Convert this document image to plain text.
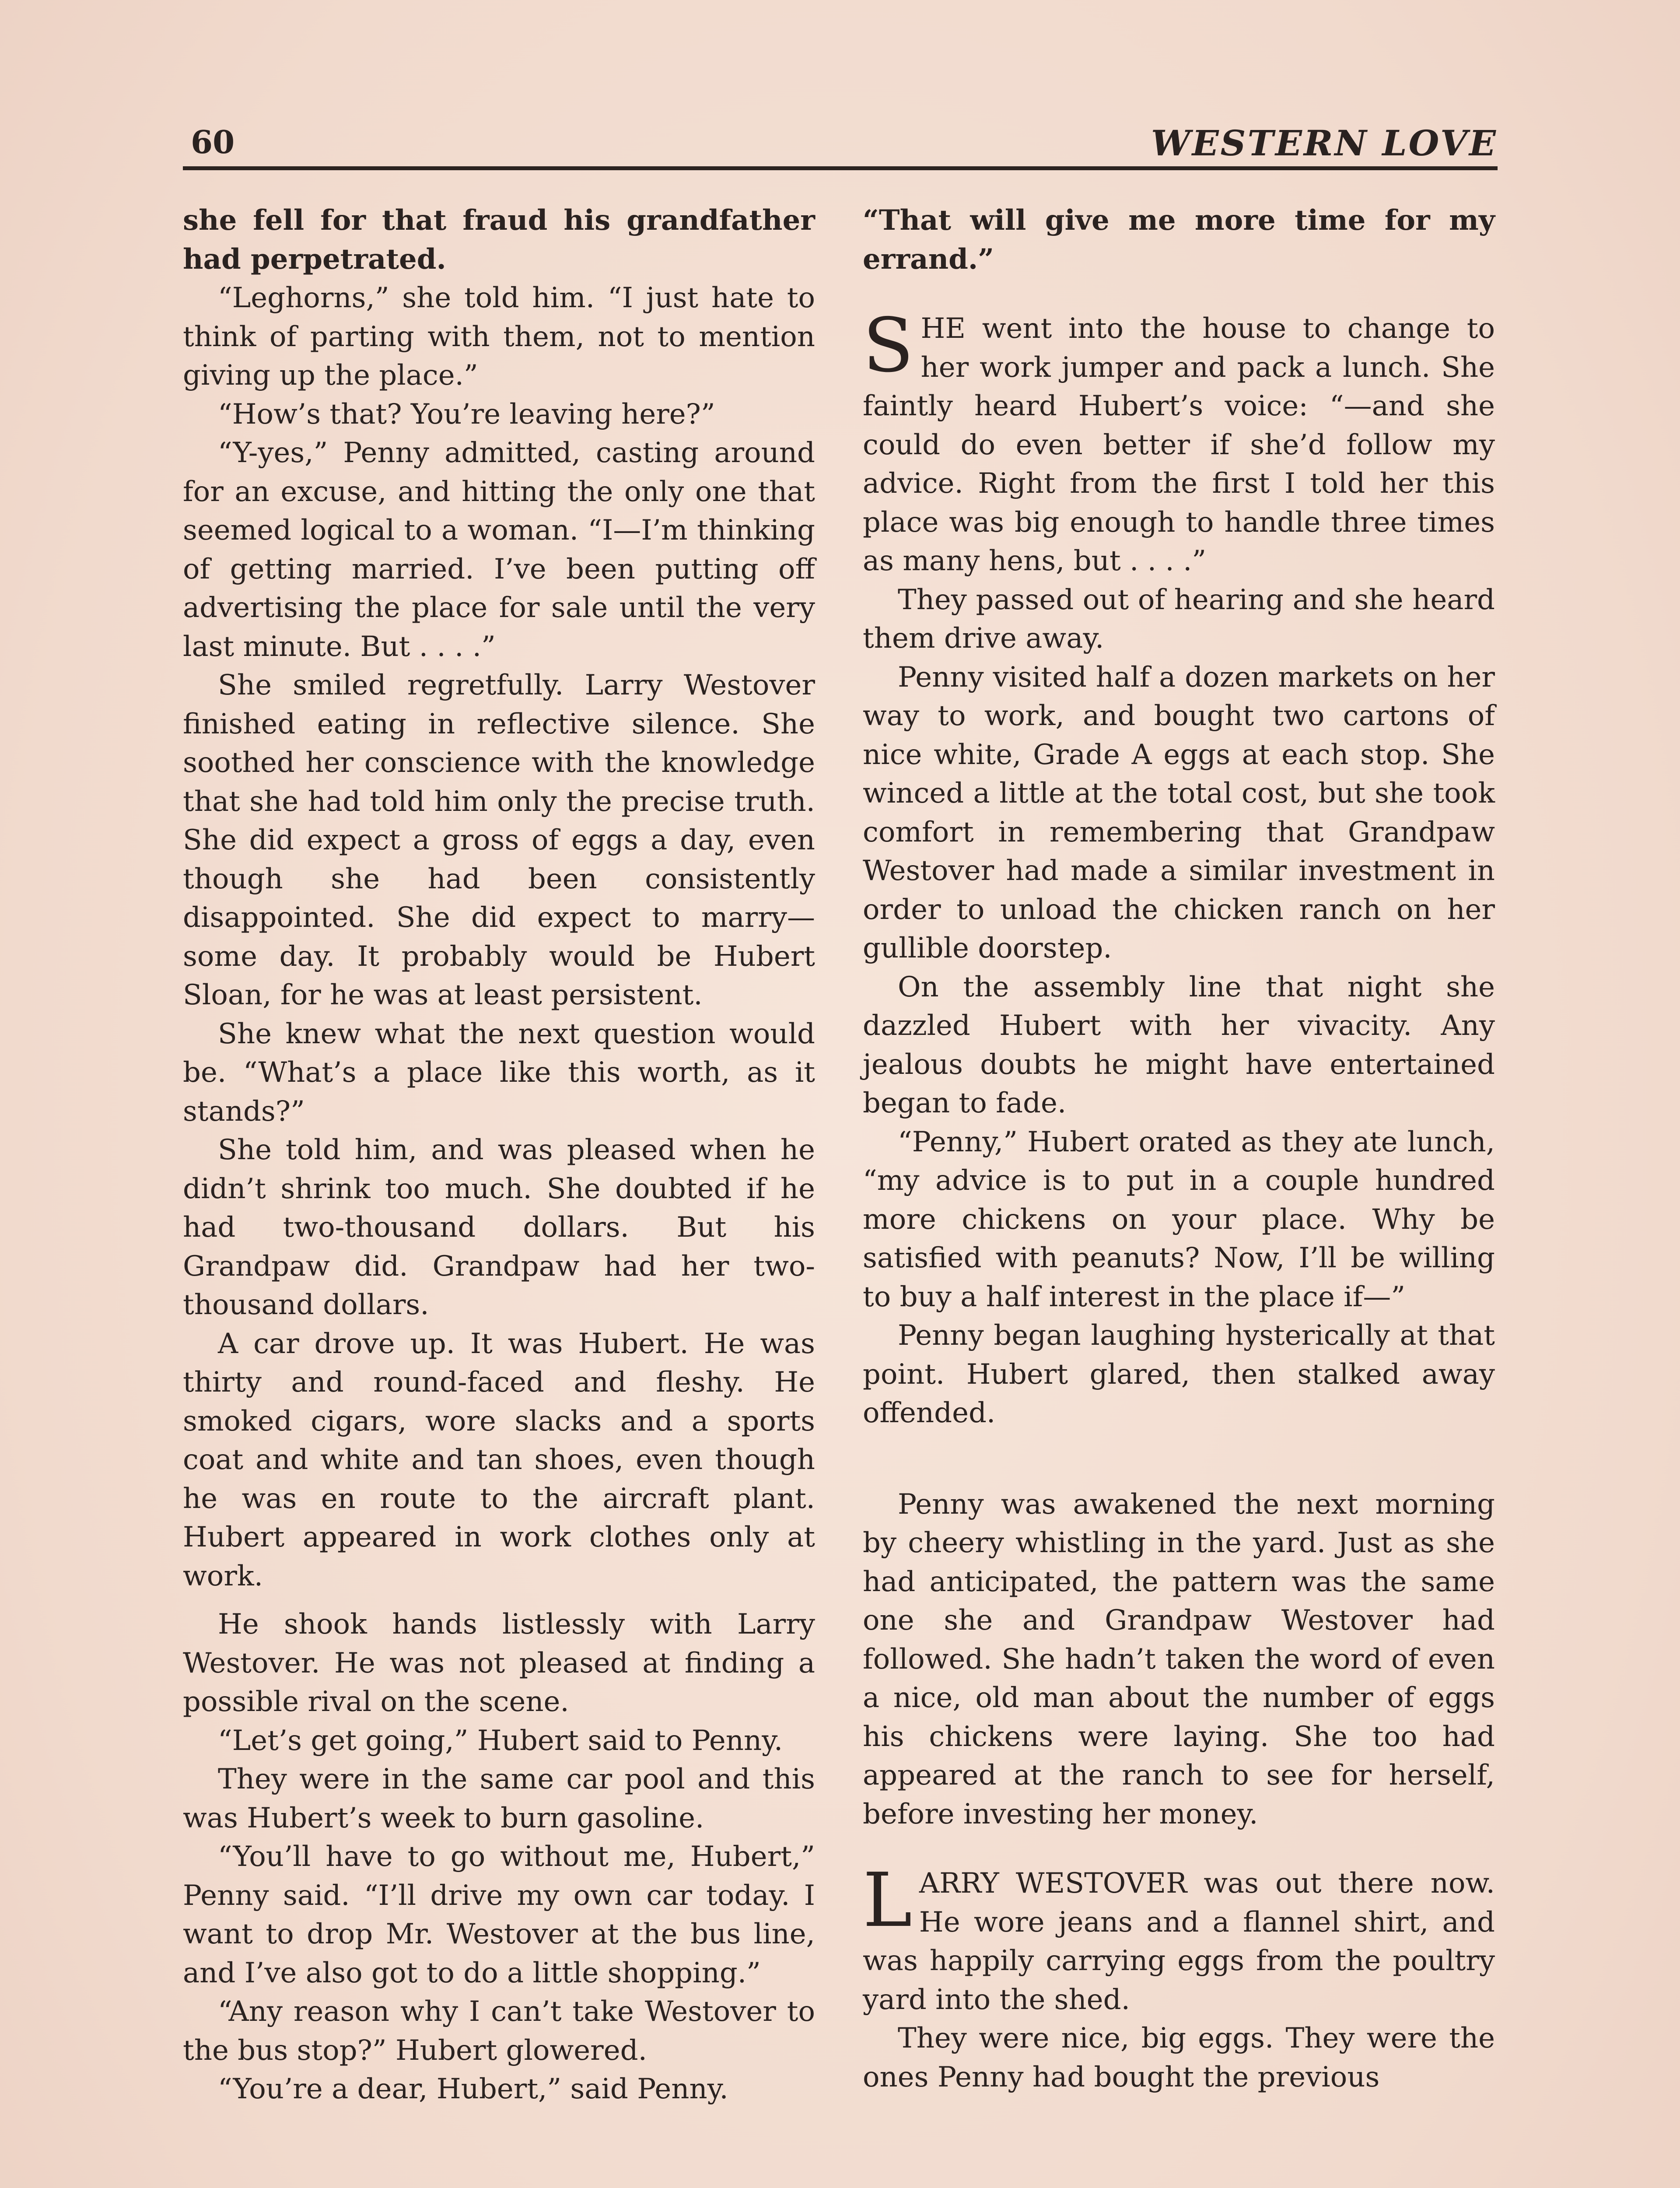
60	WESTERN LOVE

she fell for that fraud his grandfather had perpetrated.

“Leghorns,” she told him. “I just hate to think of parting with them, not to mention giving up the place.”

“How’s that? You’re leaving here?”

“Y-yes,” Penny admitted, casting around for an excuse, and hitting the only one that seemed logical to a woman. “I—I’m thinking of getting married. I’ve been putting off advertising the place for sale until the very last minute. But . . . .”

She smiled regretfully. Larry Westover finished eating in reflective silence. She soothed her conscience with the knowledge that she had told him only the precise truth. She did expect a gross of eggs a day, even though she had been consistently disappointed. She did expect to marry—some day. It probably would be Hubert Sloan, for he was at least persistent.

She knew what the next question would be. “What’s a place like this worth, as it stands?”

She told him, and was pleased when he didn’t shrink too much. She doubted if he had two-thousand dollars. But his Grandpaw did. Grandpaw had her two-thousand dollars.

A car drove up. It was Hubert. He was thirty and round-faced and fleshy. He smoked cigars, wore slacks and a sports coat and white and tan shoes, even though he was en route to the aircraft plant. Hubert appeared in work clothes only at work.

He shook hands listlessly with Larry Westover. He was not pleased at finding a possible rival on the scene.

“Let’s get going,” Hubert said to Penny.

They were in the same car pool and this was Hubert’s week to burn gasoline.

“You’ll have to go without me, Hubert,” Penny said. “I’ll drive my own car today. I want to drop Mr. Westover at the bus line, and I’ve also got to do a little shopping.”

“Any reason why I can’t take Westover to the bus stop?” Hubert glowered.

“You’re a dear, Hubert,” said Penny.

“That will give me more time for my errand.”

SHE went into the house to change to her work jumper and pack a lunch. She faintly heard Hubert’s voice: “—and she could do even better if she’d follow my advice. Right from the first I told her this place was big enough to handle three times as many hens, but . . . .”

They passed out of hearing and she heard them drive away.

Penny visited half a dozen markets on her way to work, and bought two cartons of nice white, Grade A eggs at each stop. She winced a little at the total cost, but she took comfort in remembering that Grandpaw Westover had made a similar investment in order to unload the chicken ranch on her gullible doorstep.

On the assembly line that night she dazzled Hubert with her vivacity. Any jealous doubts he might have entertained began to fade.

“Penny,” Hubert orated as they ate lunch, “my advice is to put in a couple hundred more chickens on your place. Why be satisfied with peanuts? Now, I’ll be willing to buy a half interest in the place if—”

Penny began laughing hysterically at that point. Hubert glared, then stalked away offended.

Penny was awakened the next morning by cheery whistling in the yard. Just as she had anticipated, the pattern was the same one she and Grandpaw Westover had followed. She hadn’t taken the word of even a nice, old man about the number of eggs his chickens were laying. She too had appeared at the ranch to see for herself, before investing her money.

LARRY WESTOVER was out there now. He wore jeans and a flannel shirt, and was happily carrying eggs from the poultry yard into the shed.

They were nice, big eggs. They were the ones Penny had bought the previous
